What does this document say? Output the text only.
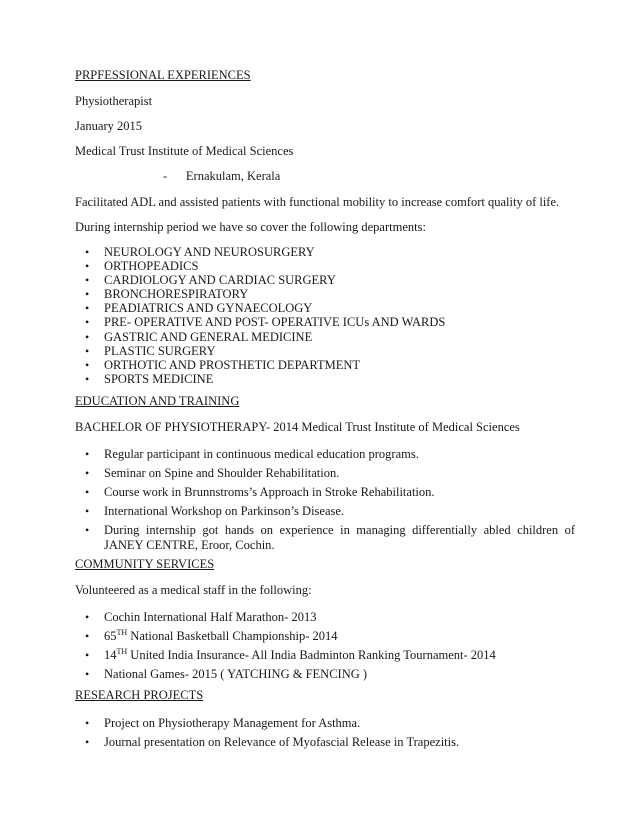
PRPFESSIONAL EXPERIENCES
Physiotherapist
January 2015
Medical Trust Institute of Medical Sciences
-      Ernakulam, Kerala
Facilitated ADL and assisted patients with functional mobility to increase comfort quality of life.
During internship period we have so cover the following departments:
• NEUROLOGY AND NEUROSURGERY
• ORTHOPEADICS
• CARDIOLOGY AND CARDIAC SURGERY
• BRONCHORESPIRATORY
• PEADIATRICS AND GYNAECOLOGY
• PRE- OPERATIVE AND POST- OPERATIVE ICUs AND WARDS
• GASTRIC AND GENERAL MEDICINE
• PLASTIC SURGERY
• ORTHOTIC AND PROSTHETIC DEPARTMENT
• SPORTS MEDICINE
EDUCATION AND TRAINING
BACHELOR OF PHYSIOTHERAPY- 2014 Medical Trust Institute of Medical Sciences
• Regular participant in continuous medical education programs.
• Seminar on Spine and Shoulder Rehabilitation.
• Course work in Brunnstroms’s Approach in Stroke Rehabilitation.
• International Workshop on Parkinson’s Disease.
• During internship got hands on experience in managing differentially abled children of JANEY CENTRE, Eroor, Cochin.
COMMUNITY SERVICES
Volunteered as a medical staff in the following:
• Cochin International Half Marathon- 2013
• 65TH National Basketball Championship- 2014
• 14TH United India Insurance- All India Badminton Ranking Tournament- 2014
• National Games- 2015 ( YATCHING & FENCING )
RESEARCH PROJECTS
• Project on Physiotherapy Management for Asthma.
• Journal presentation on Relevance of Myofascial Release in Trapezitis.
